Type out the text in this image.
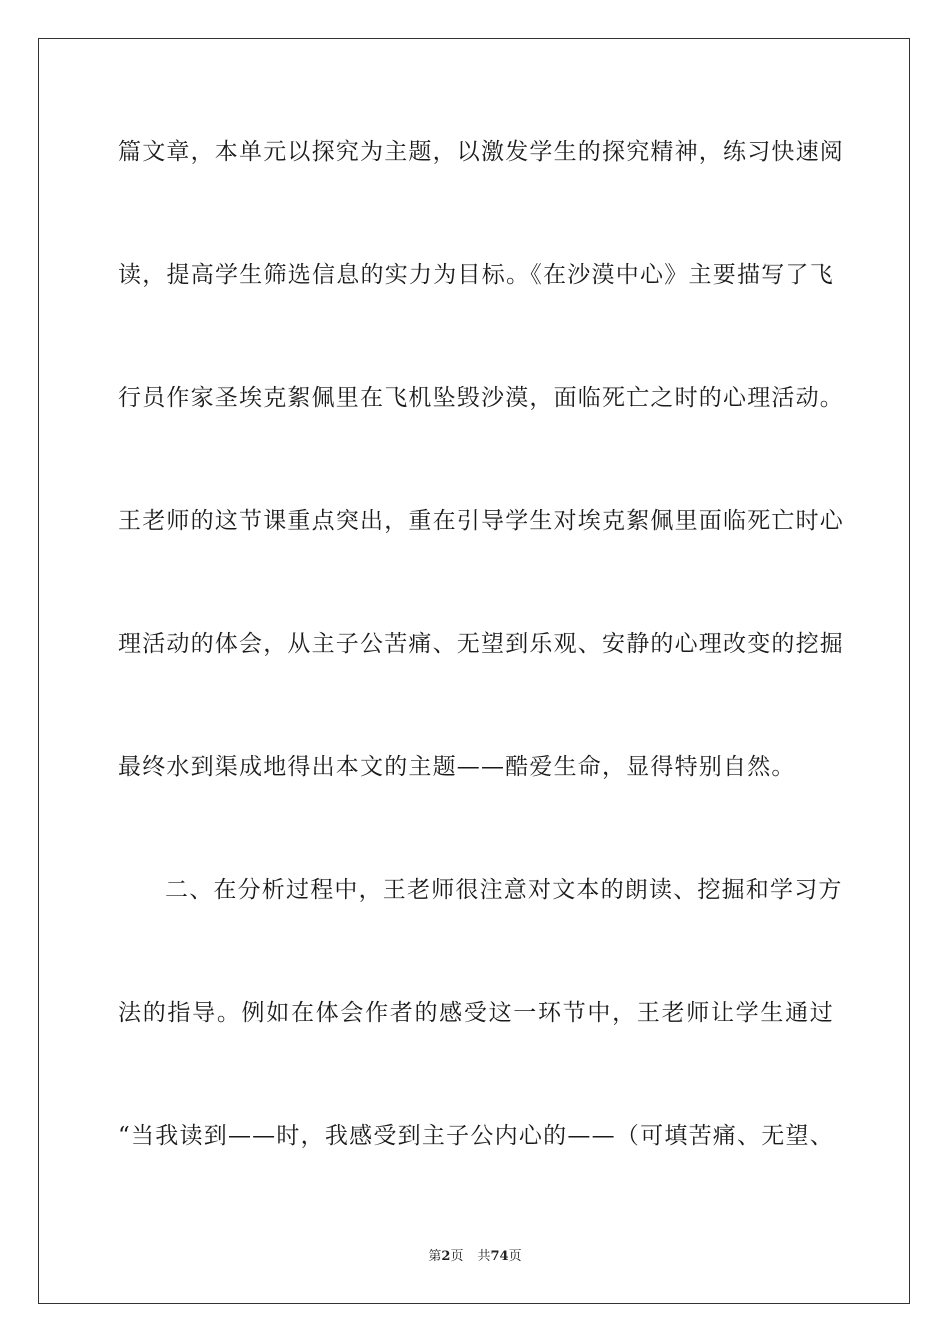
篇文章，本单元以探究为主题，以激发学生的探究精神，练习快速阅
读，提高学生筛选信息的实力为目标。《在沙漠中心》主要描写了飞
行员作家圣埃克絮佩里在飞机坠毁沙漠，面临死亡之时的心理活动。
王老师的这节课重点突出，重在引导学生对埃克絮佩里面临死亡时心
理活动的体会，从主子公苦痛、无望到乐观、安静的心理改变的挖掘
最终水到渠成地得出本文的主题——酷爱生命，显得特别自然。
二、在分析过程中，王老师很注意对文本的朗读、挖掘和学习方
法的指导。例如在体会作者的感受这一环节中，王老师让学生通过
“当我读到——时，我感受到主子公内心的——（可填苦痛、无望、
第2页 共74页
